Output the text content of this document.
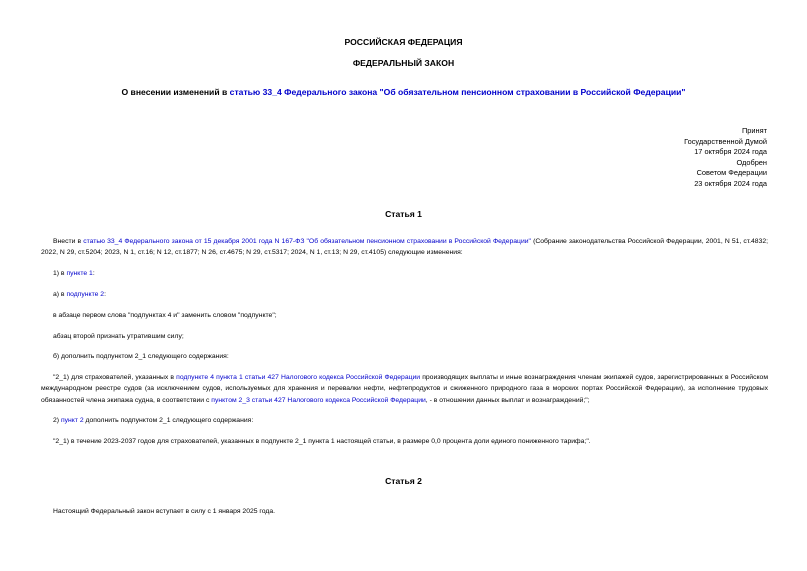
РОССИЙСКАЯ ФЕДЕРАЦИЯ
ФЕДЕРАЛЬНЫЙ ЗАКОН
О внесении изменений в статью 33_4 Федерального закона "Об обязательном пенсионном страховании в Российской Федерации"
Принят
Государственной Думой
17 октября 2024 года
Одобрен
Советом Федерации
23 октября 2024 года
Статья 1
Внести в статью 33_4 Федерального закона от 15 декабря 2001 года N 167-ФЗ "Об обязательном пенсионном страховании в Российской Федерации" (Собрание законодательства Российской Федерации, 2001, N 51, ст.4832; 2022, N 29, ст.5204; 2023, N 1, ст.16; N 12, ст.1877; N 26, ст.4675; N 29, ст.5317; 2024, N 1, ст.13; N 29, ст.4105) следующие изменения:
1) в пункте 1:
а) в подпункте 2:
в абзаце первом слова "подпунктах 4 и" заменить словом "подпункте";
абзац второй признать утратившим силу;
б) дополнить подпунктом 2_1 следующего содержания:
"2_1) для страхователей, указанных в подпункте 4 пункта 1 статьи 427 Налогового кодекса Российской Федерации производящих выплаты и иные вознаграждения членам экипажей судов, зарегистрированных в Российском международном реестре судов (за исключением судов, используемых для хранения и перевалки нефти, нефтепродуктов и сжиженного природного газа в морских портах Российской Федерации), за исполнение трудовых обязанностей члена экипажа судна, в соответствии с пунктом 2_3 статьи 427 Налогового кодекса Российской Федерации, - в отношении данных выплат и вознаграждений;";
2) пункт 2 дополнить подпунктом 2_1 следующего содержания:
"2_1) в течение 2023-2037 годов для страхователей, указанных в подпункте 2_1 пункта 1 настоящей статьи, в размере 0,0 процента доли единого пониженного тарифа;".
Статья 2
Настоящий Федеральный закон вступает в силу с 1 января 2025 года.
